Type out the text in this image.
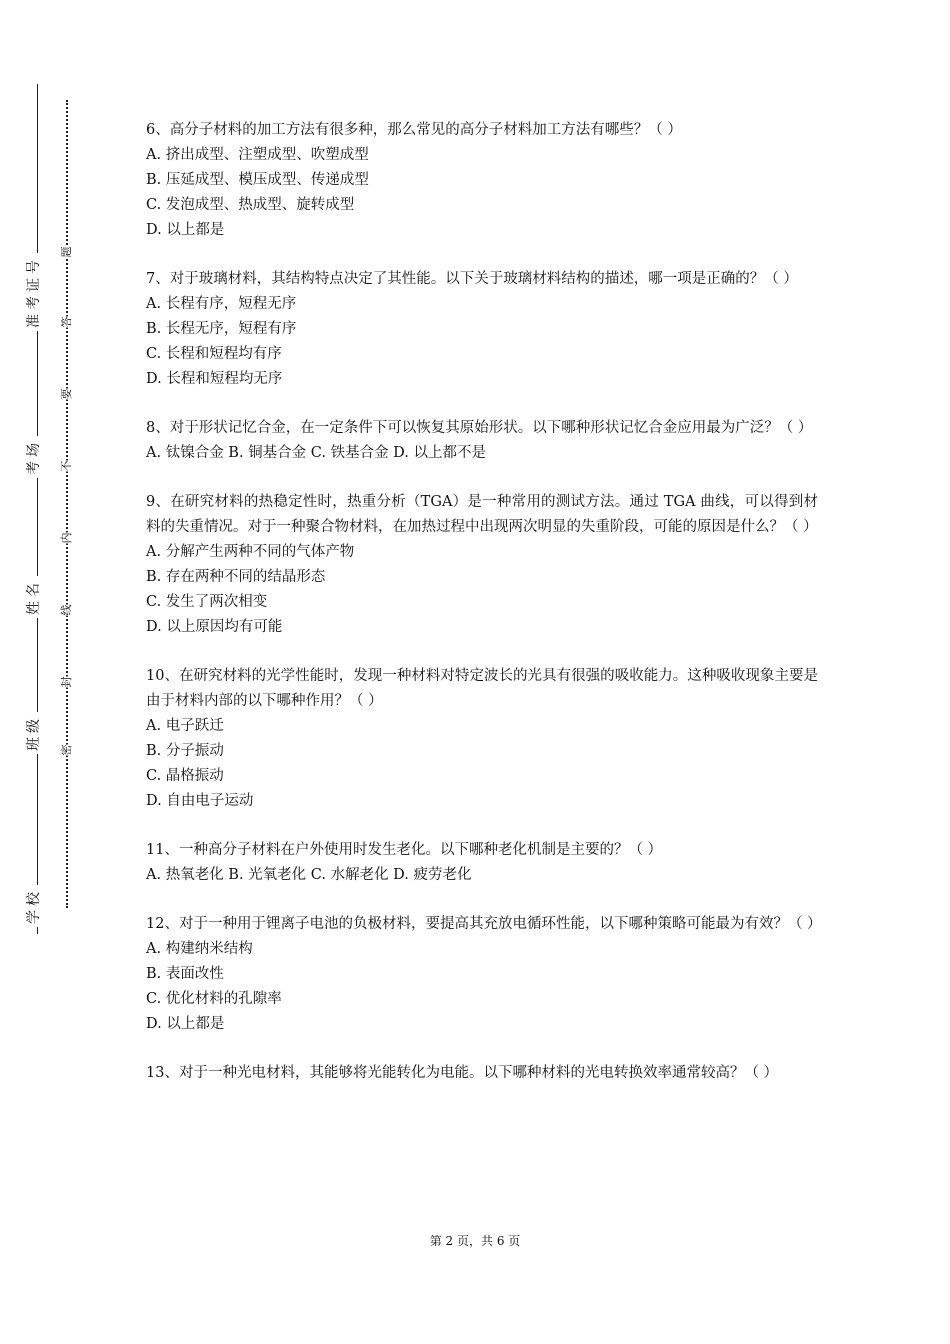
准考证号
考场
姓名
班级
学校
题
答
要
不
内
线
封
密
6、高分子材料的加工方法有很多种，那么常见的高分子材料加工方法有哪些？（ ）
A. 挤出成型、注塑成型、吹塑成型
B. 压延成型、模压成型、传递成型
C. 发泡成型、热成型、旋转成型
D. 以上都是
7、对于玻璃材料，其结构特点决定了其性能。以下关于玻璃材料结构的描述，哪一项是正确的？（ ）
A. 长程有序，短程无序
B. 长程无序，短程有序
C. 长程和短程均有序
D. 长程和短程均无序
8、对于形状记忆合金，在一定条件下可以恢复其原始形状。以下哪种形状记忆合金应用最为广泛？（ ）
A. 钛镍合金 B. 铜基合金 C. 铁基合金 D. 以上都不是
9、在研究材料的热稳定性时，热重分析（TGA）是一种常用的测试方法。通过 TGA 曲线，可以得到材料的失重情况。对于一种聚合物材料，在加热过程中出现两次明显的失重阶段，可能的原因是什么？（ ）
A. 分解产生两种不同的气体产物
B. 存在两种不同的结晶形态
C. 发生了两次相变
D. 以上原因均有可能
10、在研究材料的光学性能时，发现一种材料对特定波长的光具有很强的吸收能力。这种吸收现象主要是由于材料内部的以下哪种作用？（ ）
A. 电子跃迁
B. 分子振动
C. 晶格振动
D. 自由电子运动
11、一种高分子材料在户外使用时发生老化。以下哪种老化机制是主要的？（ ）
A. 热氧老化 B. 光氧老化 C. 水解老化 D. 疲劳老化
12、对于一种用于锂离子电池的负极材料，要提高其充放电循环性能，以下哪种策略可能最为有效？（ ）
A. 构建纳米结构
B. 表面改性
C. 优化材料的孔隙率
D. 以上都是
13、对于一种光电材料，其能够将光能转化为电能。以下哪种材料的光电转换效率通常较高？（ ）
第 2 页，共 6 页
